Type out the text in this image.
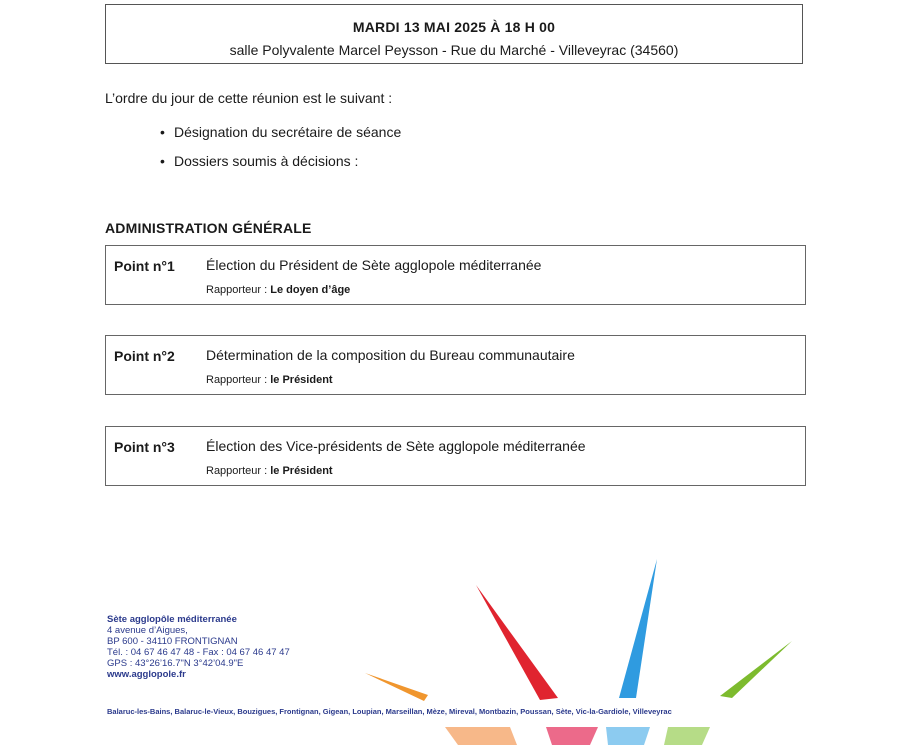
MARDI 13 MAI 2025 À 18 H 00
salle Polyvalente Marcel Peysson - Rue du Marché - Villeveyrac (34560)
L’ordre du jour de cette réunion est le suivant :
• Désignation du secrétaire de séance
• Dossiers soumis à décisions :
ADMINISTRATION GÉNÉRALE
Point n°1 Élection du Président de Sète agglopole méditerranée
Rapporteur : Le doyen d’âge
Point n°2 Détermination de la composition du Bureau communautaire
Rapporteur : le Président
Point n°3 Élection des Vice-présidents de Sète agglopole méditerranée
Rapporteur : le Président
Sète agglopôle méditerranée
4 avenue d’Aigues,
BP 600 - 34110 FRONTIGNAN
Tél. : 04 67 46 47 48 - Fax : 04 67 46 47 47
GPS : 43°26’16.7"N 3°42’04.9"E
www.agglopole.fr
Balaruc-les-Bains, Balaruc-le-Vieux, Bouzigues, Frontignan, Gigean, Loupian, Marseillan, Mèze, Mireval, Montbazin, Poussan, Sète, Vic-la-Gardiole, Villeveyrac
